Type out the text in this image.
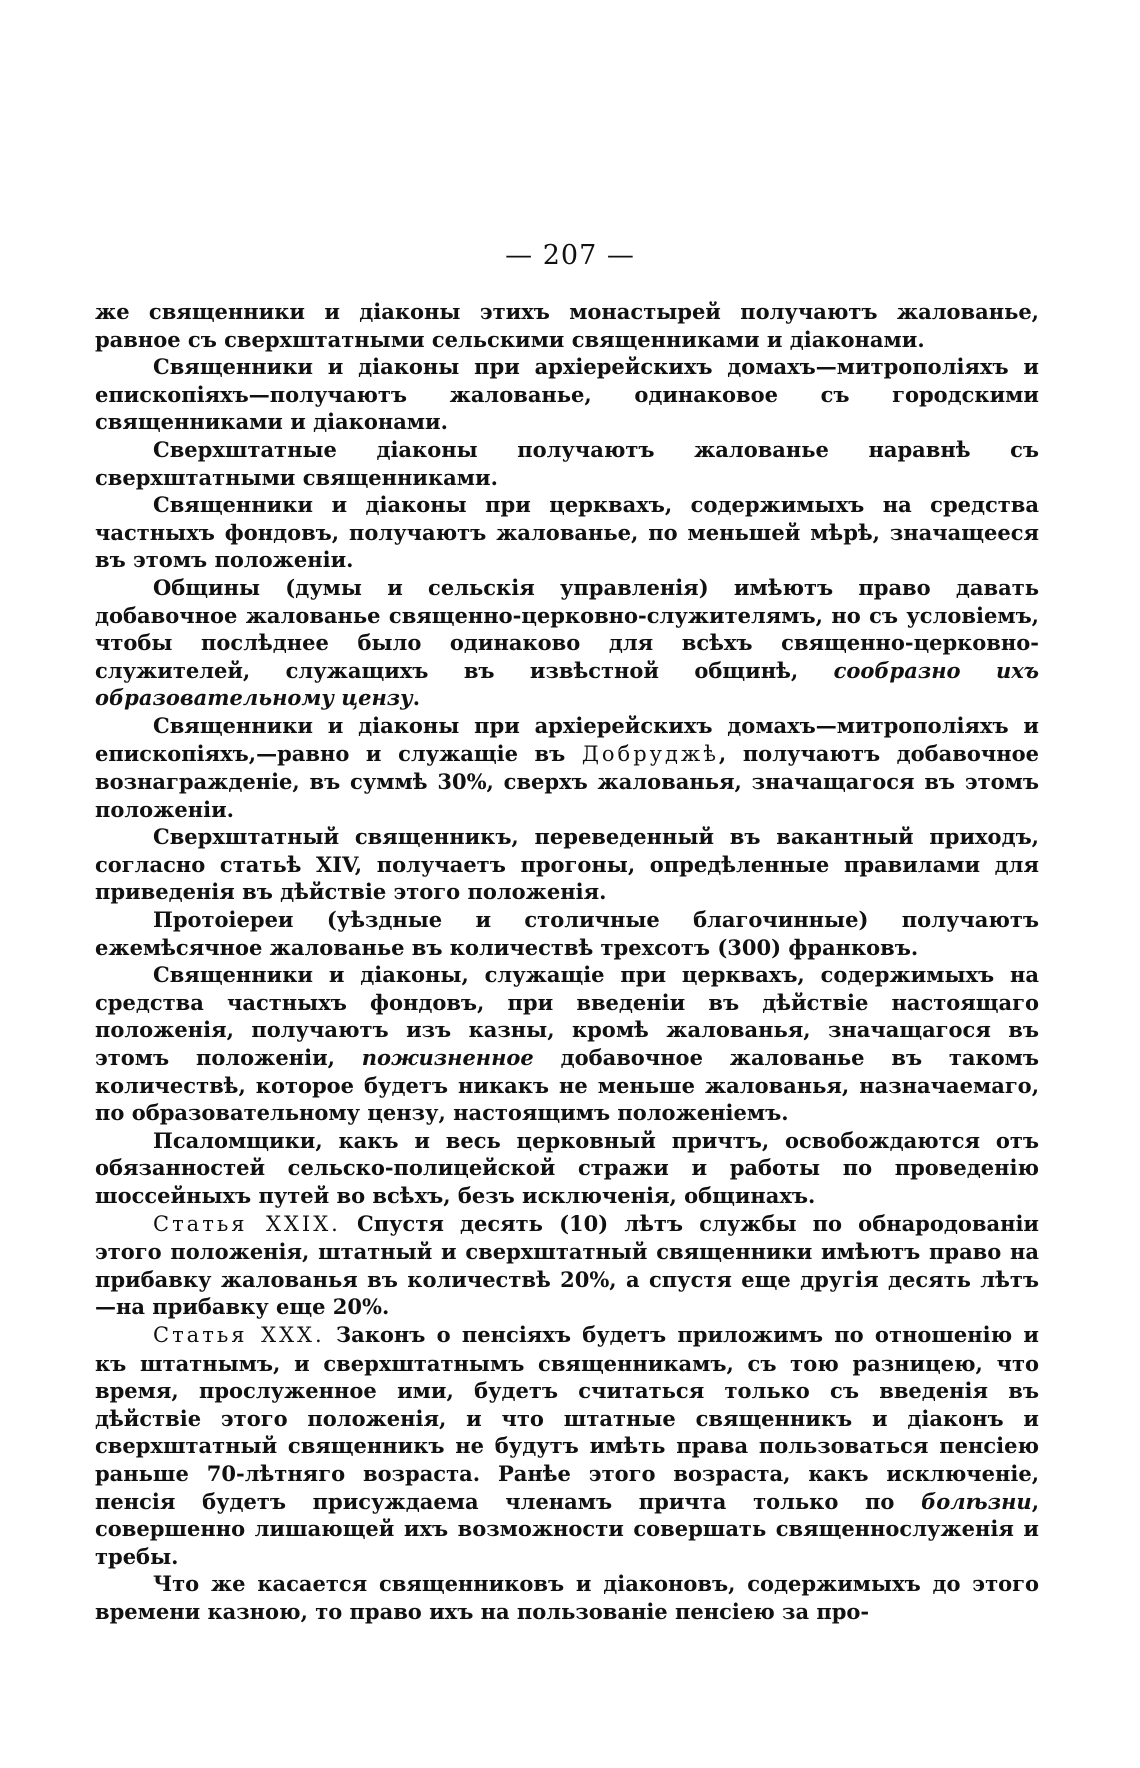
— 207 —

же священники и діаконы этихъ монастырей получаютъ жалованье, равное съ сверхштатными сельскими священниками и діаконами.

Священники и діаконы при архіерейскихъ домахъ—митрополіяхъ и епископіяхъ—получаютъ жалованье, одинаковое съ городскими священниками и діаконами.

Сверхштатные діаконы получаютъ жалованье наравнѣ съ сверхштатными священниками.

Священники и діаконы при церквахъ, содержимыхъ на средства частныхъ фондовъ, получаютъ жалованье, по меньшей мѣрѣ, значащееся въ этомъ положеніи.

Общины (думы и сельскія управленія) имѣютъ право давать добавочное жалованье священно-церковно-служителямъ, но съ условіемъ, чтобы послѣднее было одинаково для всѣхъ священно-церковно-служителей, служащихъ въ извѣстной общинѣ, сообразно ихъ образовательному цензу.

Священники и діаконы при архіерейскихъ домахъ—митрополіяхъ и епископіяхъ,—равно и служащіе въ Добруджѣ, получаютъ добавочное вознагражденіе, въ суммѣ 30%, сверхъ жалованья, значащагося въ этомъ положеніи.

Сверхштатный священникъ, переведенный въ вакантный приходъ, согласно статьѣ XIV, получаетъ прогоны, опредѣленные правилами для приведенія въ дѣйствіе этого положенія.

Протоіереи (уѣздные и столичные благочинные) получаютъ ежемѣсячное жалованье въ количествѣ трехсотъ (300) франковъ.

Священники и діаконы, служащіе при церквахъ, содержимыхъ на средства частныхъ фондовъ, при введеніи въ дѣйствіе настоящаго положенія, получаютъ изъ казны, кромѣ жалованья, значащагося въ этомъ положеніи, пожизненное добавочное жалованье въ такомъ количествѣ, которое будетъ никакъ не меньше жалованья, назначаемаго, по образовательному цензу, настоящимъ положеніемъ.

Псаломщики, какъ и весь церковный причтъ, освобождаются отъ обязанностей сельско-полицейской стражи и работы по проведенію шоссейныхъ путей во всѣхъ, безъ исключенія, общинахъ.

Статья XXIX. Спустя десять (10) лѣтъ службы по обнародованіи этого положенія, штатный и сверхштатный священники имѣютъ право на прибавку жалованья въ количествѣ 20%, а спустя еще другія десять лѣтъ—на прибавку еще 20%.

Статья XXX. Законъ о пенсіяхъ будетъ приложимъ по отношенію и къ штатнымъ, и сверхштатнымъ священникамъ, съ тою разницею, что время, прослуженное ими, будетъ считаться только съ введенія въ дѣйствіе этого положенія, и что штатные священникъ и діаконъ и сверхштатный священникъ не будутъ имѣть права пользоваться пенсіею раньше 70-лѣтняго возраста. Ранѣе этого возраста, какъ исключеніе, пенсія будетъ присуждаема членамъ причта только по болѣзни, совершенно лишающей ихъ возможности совершать священнослуженія и требы.

Что же касается священниковъ и діаконовъ, содержимыхъ до этого времени казною, то право ихъ на пользованіе пенсіею за про-
